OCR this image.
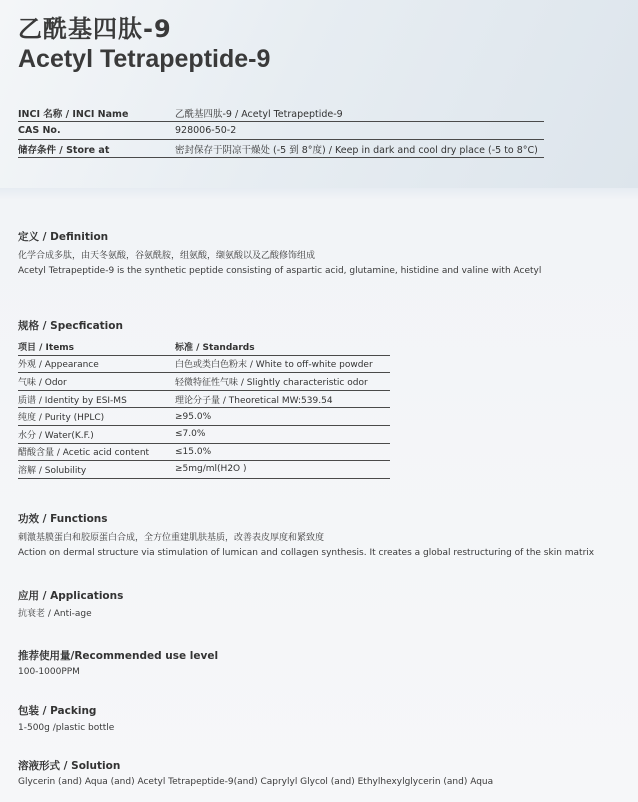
乙酰基四肽-9
Acetyl Tetrapeptide-9
INCI 名称 / INCI Name	乙酰基四肽-9 / Acetyl Tetrapeptide-9
CAS No.	928006-50-2
储存条件 / Store at	密封保存于阴凉干燥处 (-5 到 8°度) / Keep in dark and cool dry place (-5 to 8°C)
定义 / Definition

化学合成多肽，由天冬氨酸，谷氨酰胺，组氨酸，缬氨酸以及乙酸修饰组成

Acetyl Tetrapeptide-9 is the synthetic peptide consisting of aspartic acid, glutamine, histidine and valine with Acetyl

规格 / Specfication
项目 / Items	标准 / Standards
外观 / Appearance	白色或类白色粉末 / White to off-white powder
气味 / Odor	轻微特征性气味 / Slightly characteristic odor
质谱 / Identity by ESI-MS	理论分子量 / Theoretical MW:539.54
纯度 / Purity (HPLC)	≥95.0%
水分 / Water(K.F.)	≤7.0%
醋酸含量 / Acetic acid content	≤15.0%
溶解 / Solubility	≥5mg/ml(H2O )
功效 / Functions

刺激基膜蛋白和胶原蛋白合成，全方位重建肌肤基质，改善表皮厚度和紧致度

Action on dermal structure via stimulation of lumican and collagen synthesis. It creates a global restructuring of the skin matrix

应用 / Applications

抗衰老 / Anti-age

推荐使用量/Recommended use level

100-1000PPM

包装 / Packing

1-500g /plastic bottle

溶液形式 / Solution

Glycerin (and) Aqua (and) Acetyl Tetrapeptide-9(and) Caprylyl Glycol (and) Ethylhexylglycerin (and) Aqua
